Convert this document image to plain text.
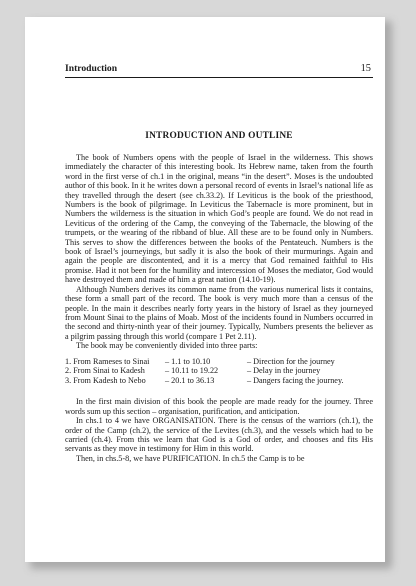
Introduction	15
INTRODUCTION AND OUTLINE

The book of Numbers opens with the people of Israel in the wilderness. This shows immediately the character of this interesting book. Its Hebrew name, taken from the fourth word in the first verse of ch.1 in the original, means “in the desert”. Moses is the undoubted author of this book. In it he writes down a personal record of events in Israel’s national life as they travelled through the desert (see ch.33.2). If Leviticus is the book of the priesthood, Numbers is the book of pilgrimage. In Leviticus the Tabernacle is more prominent, but in Numbers the wilderness is the situation in which God’s people are found. We do not read in Leviticus of the ordering of the Camp, the conveying of the Tabernacle, the blowing of the trumpets, or the wearing of the ribband of blue. All these are to be found only in Numbers. This serves to show the differences between the books of the Pentateuch. Numbers is the book of Israel’s journeyings, but sadly it is also the book of their murmurings. Again and again the people are discontented, and it is a mercy that God remained faithful to His promise. Had it not been for the humility and intercession of Moses the mediator, God would have destroyed them and made of him a great nation (14.10-19).

Although Numbers derives its common name from the various numerical lists it contains, these form a small part of the record. The book is very much more than a census of the people. In the main it describes nearly forty years in the history of Israel as they journeyed from Mount Sinai to the plains of Moab. Most of the incidents found in Numbers occurred in the second and thirty-ninth year of their journey. Typically, Numbers presents the believer as a pilgrim passing through this world (compare 1 Pet 2.11).

The book may be conveniently divided into three parts:

1. From Rameses to Sinai	– 1.1 to 10.10	– Direction for the journey
2. From Sinai to Kadesh	– 10.11 to 19.22	– Delay in the journey
3. From Kadesh to Nebo	– 20.1 to 36.13	– Dangers facing the journey.

In the first main division of this book the people are made ready for the journey. Three words sum up this section – organisation, purification, and anticipation.

In chs.1 to 4 we have ORGANISATION. There is the census of the warriors (ch.1), the order of the Camp (ch.2), the service of the Levites (ch.3), and the vessels which had to be carried (ch.4). From this we learn that God is a God of order, and chooses and fits His servants as they move in testimony for Him in this world.

Then, in chs.5-8, we have PURIFICATION. In ch.5 the Camp is to be
